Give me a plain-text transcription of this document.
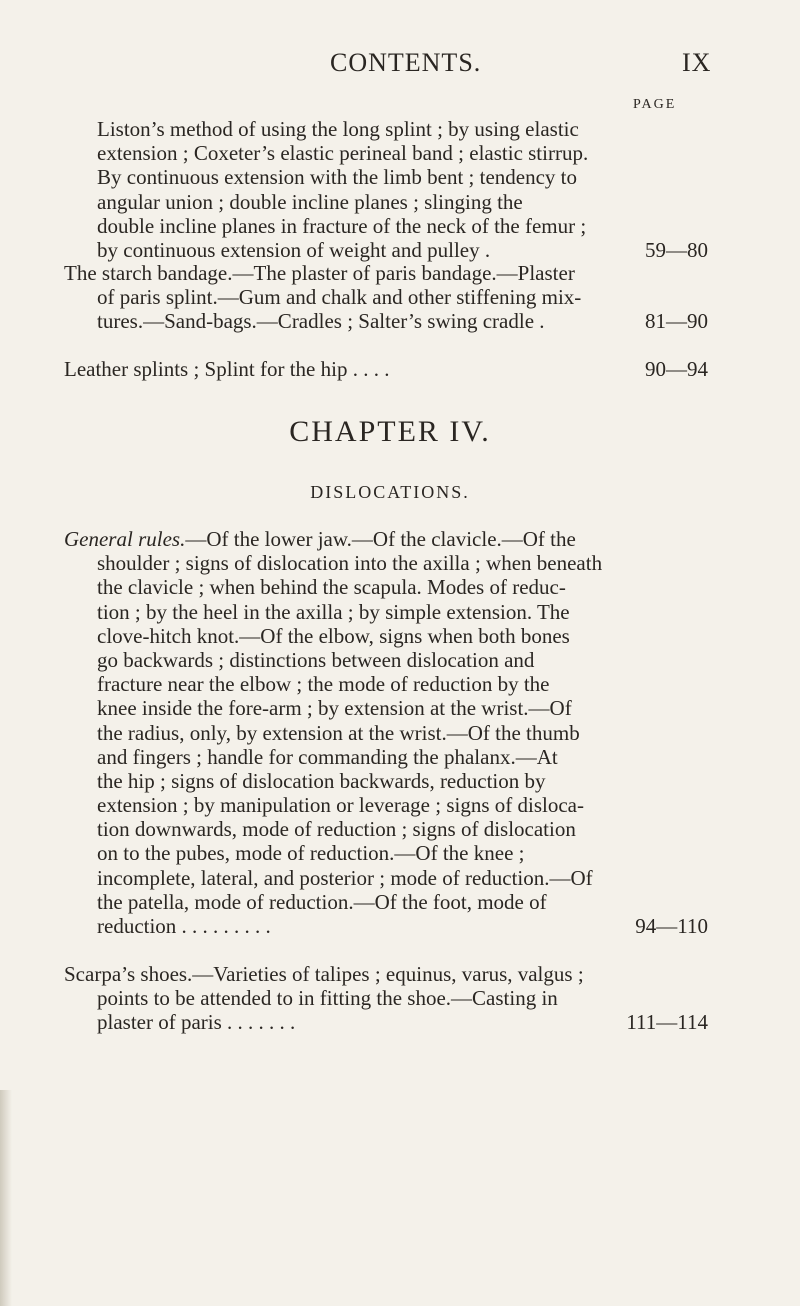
CONTENTS.	IX
PAGE
Liston’s method of using the long splint ; by using elastic
extension ; Coxeter’s elastic perineal band ; elastic stirrup.
By continuous extension with the limb bent ; tendency to
angular union ; double incline planes ; slinging the
double incline planes in fracture of the neck of the femur ;
by continuous extension of weight and pulley .	59—80
The starch bandage.—The plaster of paris bandage.—Plaster
of paris splint.—Gum and chalk and other stiffening mix-
tures.—Sand-bags.—Cradles ; Salter’s swing cradle .	81—90
Leather splints ; Splint for the hip . . . .	90—94
CHAPTER IV.
DISLOCATIONS.
General rules.—Of the lower jaw.—Of the clavicle.—Of the
shoulder ; signs of dislocation into the axilla ; when beneath
the clavicle ; when behind the scapula. Modes of reduc-
tion ; by the heel in the axilla ; by simple extension. The
clove-hitch knot.—Of the elbow, signs when both bones
go backwards ; distinctions between dislocation and
fracture near the elbow ; the mode of reduction by the
knee inside the fore-arm ; by extension at the wrist.—Of
the radius, only, by extension at the wrist.—Of the thumb
and fingers ; handle for commanding the phalanx.—At
the hip ; signs of dislocation backwards, reduction by
extension ; by manipulation or leverage ; signs of disloca-
tion downwards, mode of reduction ; signs of dislocation
on to the pubes, mode of reduction.—Of the knee ;
incomplete, lateral, and posterior ; mode of reduction.—Of
the patella, mode of reduction.—Of the foot, mode of
reduction . . . . . . . . .	94—110
Scarpa’s shoes.—Varieties of talipes ; equinus, varus, valgus ;
points to be attended to in fitting the shoe.—Casting in
plaster of paris . . . . . . .	111—114
